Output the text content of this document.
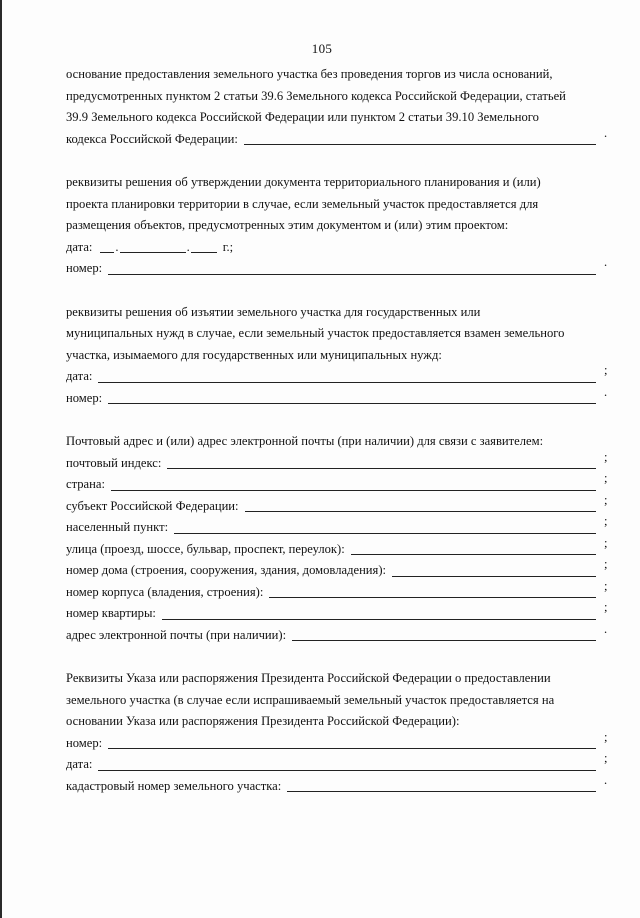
105

основание предоставления земельного участка без проведения торгов из числа оснований,

предусмотренных пунктом 2 статьи 39.6 Земельного кодекса Российской Федерации, статьей

39.9 Земельного кодекса Российской Федерации или пунктом 2 статьи 39.10 Земельного

кодекса Российской Федерации:	.

реквизиты решения об утверждении документа территориального планирования и (или)

проекта планировки территории в случае, если земельный участок предоставляется для

размещения объектов, предусмотренных этим документом и (или) этим проектом:

дата: .	.	г.;
номер:	.

реквизиты решения об изъятии земельного участка для государственных или

муниципальных нужд в случае, если земельный участок предоставляется взамен земельного

участка, изымаемого для государственных или муниципальных нужд:

дата:	;
номер:	.

Почтовый адрес и (или) адрес электронной почты (при наличии) для связи с заявителем:

почтовый индекс:	;
страна:	;
субъект Российской Федерации:	;
населенный пункт:	;
улица (проезд, шоссе, бульвар, проспект, переулок):	;
номер дома (строения, сооружения, здания, домовладения):	;
номер корпуса (владения, строения):	;
номер квартиры:	;
адрес электронной почты (при наличии):	.

Реквизиты Указа или распоряжения Президента Российской Федерации о предоставлении

земельного участка (в случае если испрашиваемый земельный участок предоставляется на

основании Указа или распоряжения Президента Российской Федерации):

номер:	;
дата:	;
кадастровый номер земельного участка:	.
